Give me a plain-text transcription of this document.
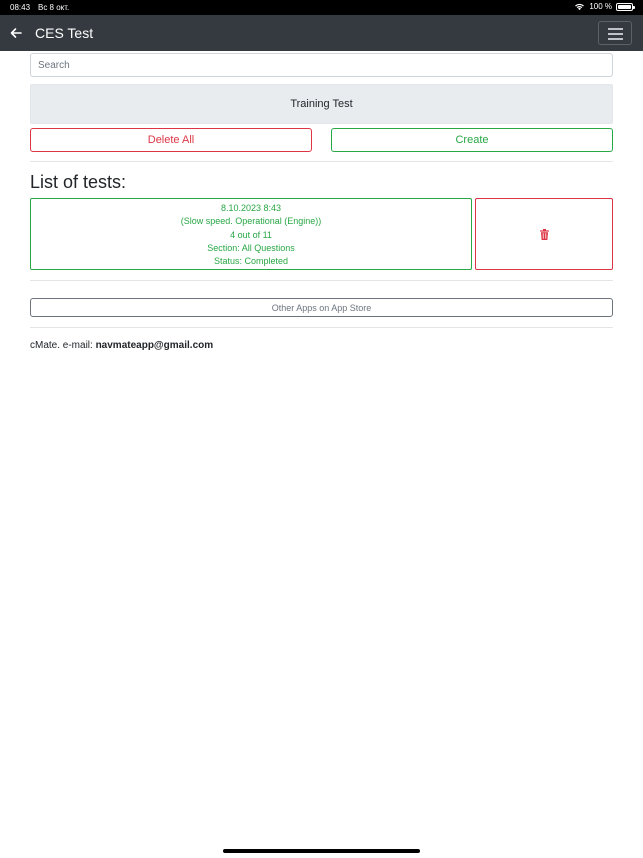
08:43 Вс 8 окт.	100 %
CES Test
Search
Training Test
Delete All	Create
List of tests:
8.10.2023 8:43
(Slow speed. Operational (Engine))
4 out of 11
Section: All Questions
Status: Completed
Other Apps on App Store
cMate. e-mail: navmateapp@gmail.com
